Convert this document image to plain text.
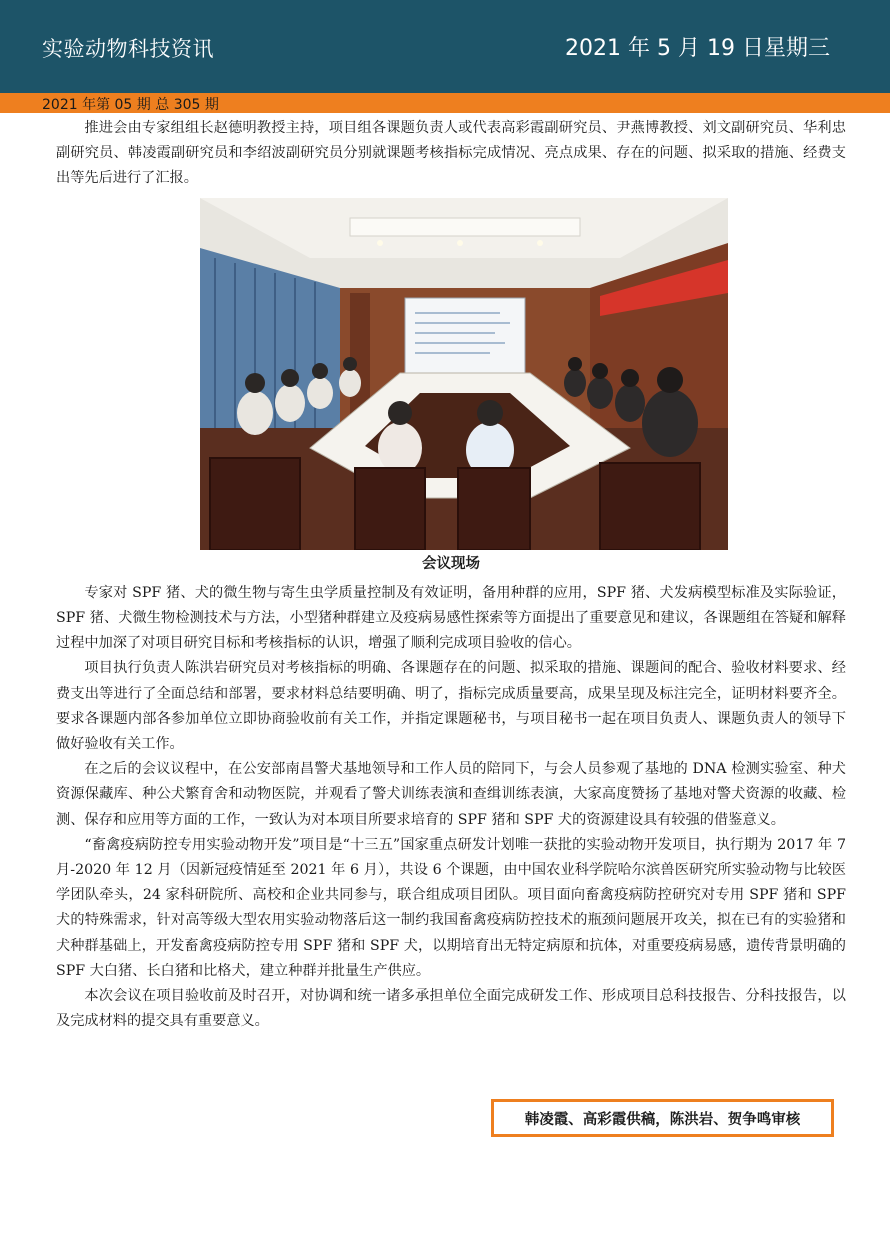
实验动物科技资讯	2021 年 5 月 19 日星期三
2021 年第 05 期 总 305 期

推进会由专家组组长赵德明教授主持，项目组各课题负责人或代表高彩霞副研究员、尹燕博教授、刘文副研究员、华利忠副研究员、韩凌霞副研究员和李绍波副研究员分别就课题考核指标完成情况、亮点成果、存在的问题、拟采取的措施、经费支出等先后进行了汇报。

会议现场

专家对 SPF 猪、犬的微生物与寄生虫学质量控制及有效证明，备用种群的应用，SPF 猪、犬发病模型标准及实际验证，SPF 猪、犬微生物检测技术与方法，小型猪种群建立及疫病易感性探索等方面提出了重要意见和建议，各课题组在答疑和解释过程中加深了对项目研究目标和考核指标的认识，增强了顺利完成项目验收的信心。

项目执行负责人陈洪岩研究员对考核指标的明确、各课题存在的问题、拟采取的措施、课题间的配合、验收材料要求、经费支出等进行了全面总结和部署，要求材料总结要明确、明了，指标完成质量要高，成果呈现及标注完全，证明材料要齐全。要求各课题内部各参加单位立即协商验收前有关工作，并指定课题秘书，与项目秘书一起在项目负责人、课题负责人的领导下做好验收有关工作。

在之后的会议议程中，在公安部南昌警犬基地领导和工作人员的陪同下，与会人员参观了基地的 DNA 检测实验室、种犬资源保藏库、种公犬繁育舍和动物医院，并观看了警犬训练表演和查缉训练表演，大家高度赞扬了基地对警犬资源的收藏、检测、保存和应用等方面的工作，一致认为对本项目所要求培育的 SPF 猪和 SPF 犬的资源建设具有较强的借鉴意义。

“畜禽疫病防控专用实验动物开发”项目是“十三五”国家重点研发计划唯一获批的实验动物开发项目，执行期为 2017 年 7 月-2020 年 12 月（因新冠疫情延至 2021 年 6 月），共设 6 个课题，由中国农业科学院哈尔滨兽医研究所实验动物与比较医学团队牵头，24 家科研院所、高校和企业共同参与，联合组成项目团队。项目面向畜禽疫病防控研究对专用 SPF 猪和 SPF 犬的特殊需求，针对高等级大型农用实验动物落后这一制约我国畜禽疫病防控技术的瓶颈问题展开攻关，拟在已有的实验猪和犬种群基础上，开发畜禽疫病防控专用 SPF 猪和 SPF 犬，以期培育出无特定病原和抗体，对重要疫病易感，遗传背景明确的 SPF 大白猪、长白猪和比格犬，建立种群并批量生产供应。

本次会议在项目验收前及时召开，对协调和统一诸多承担单位全面完成研发工作、形成项目总科技报告、分科技报告，以及完成材料的提交具有重要意义。

韩凌霞、高彩霞供稿，陈洪岩、贺争鸣审核
